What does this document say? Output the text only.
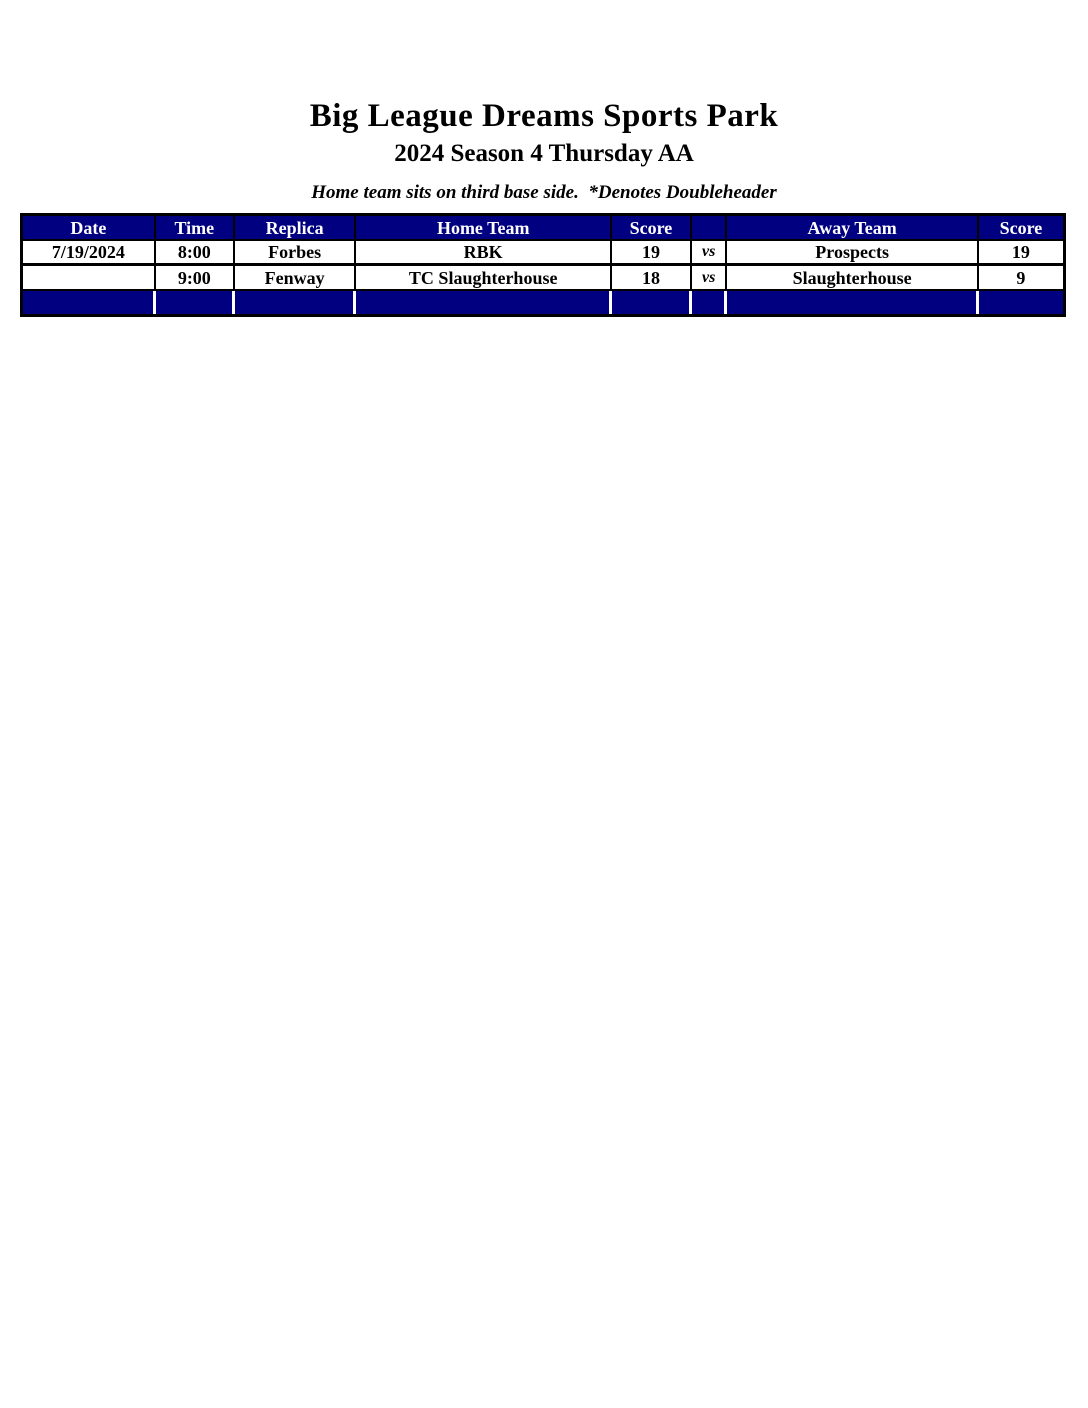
Big League Dreams Sports Park
2024 Season 4 Thursday AA

Home team sits on third base side.  *Denotes Doubleheader

Date	Time	Replica	Home Team	Score		Away Team	Score
7/19/2024	8:00	Forbes	RBK	19	vs	Prospects	19
	9:00	Fenway	TC Slaughterhouse	18	vs	Slaughterhouse	9
